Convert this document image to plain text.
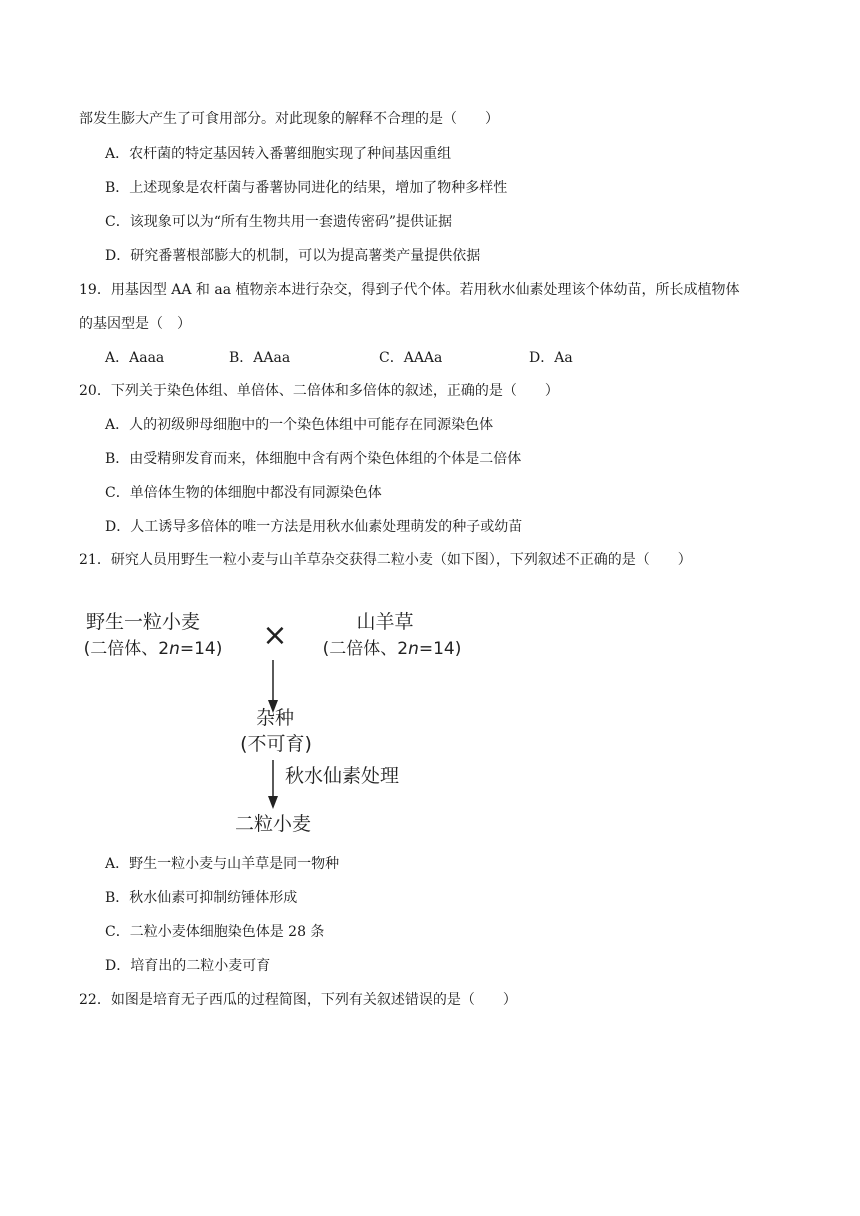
部发生膨大产生了可食用部分。对此现象的解释不合理的是（　　）
A．农杆菌的特定基因转入番薯细胞实现了种间基因重组
B．上述现象是农杆菌与番薯协同进化的结果，增加了物种多样性
C．该现象可以为“所有生物共用一套遗传密码”提供证据
D．研究番薯根部膨大的机制，可以为提高薯类产量提供依据
19．用基因型 AA 和 aa 植物亲本进行杂交，得到子代个体。若用秋水仙素处理该个体幼苗，所长成植物体
的基因型是（　）
A．Aaaa	B．AAaa	C．AAAa	D．Aa
20．下列关于染色体组、单倍体、二倍体和多倍体的叙述，正确的是（　　）
A．人的初级卵母细胞中的一个染色体组中可能存在同源染色体
B．由受精卵发育而来，体细胞中含有两个染色体组的个体是二倍体
C．单倍体生物的体细胞中都没有同源染色体
D．人工诱导多倍体的唯一方法是用秋水仙素处理萌发的种子或幼苗
21．研究人员用野生一粒小麦与山羊草杂交获得二粒小麦（如下图），下列叙述不正确的是（　　）
野生一粒小麦
(二倍体、2n=14) ×	山羊草
(二倍体、2n=14)
杂种
(不可育)
秋水仙素处理
二粒小麦
A．野生一粒小麦与山羊草是同一物种
B．秋水仙素可抑制纺锤体形成
C．二粒小麦体细胞染色体是 28 条
D．培育出的二粒小麦可育
22．如图是培育无子西瓜的过程简图，下列有关叙述错误的是（　　）
